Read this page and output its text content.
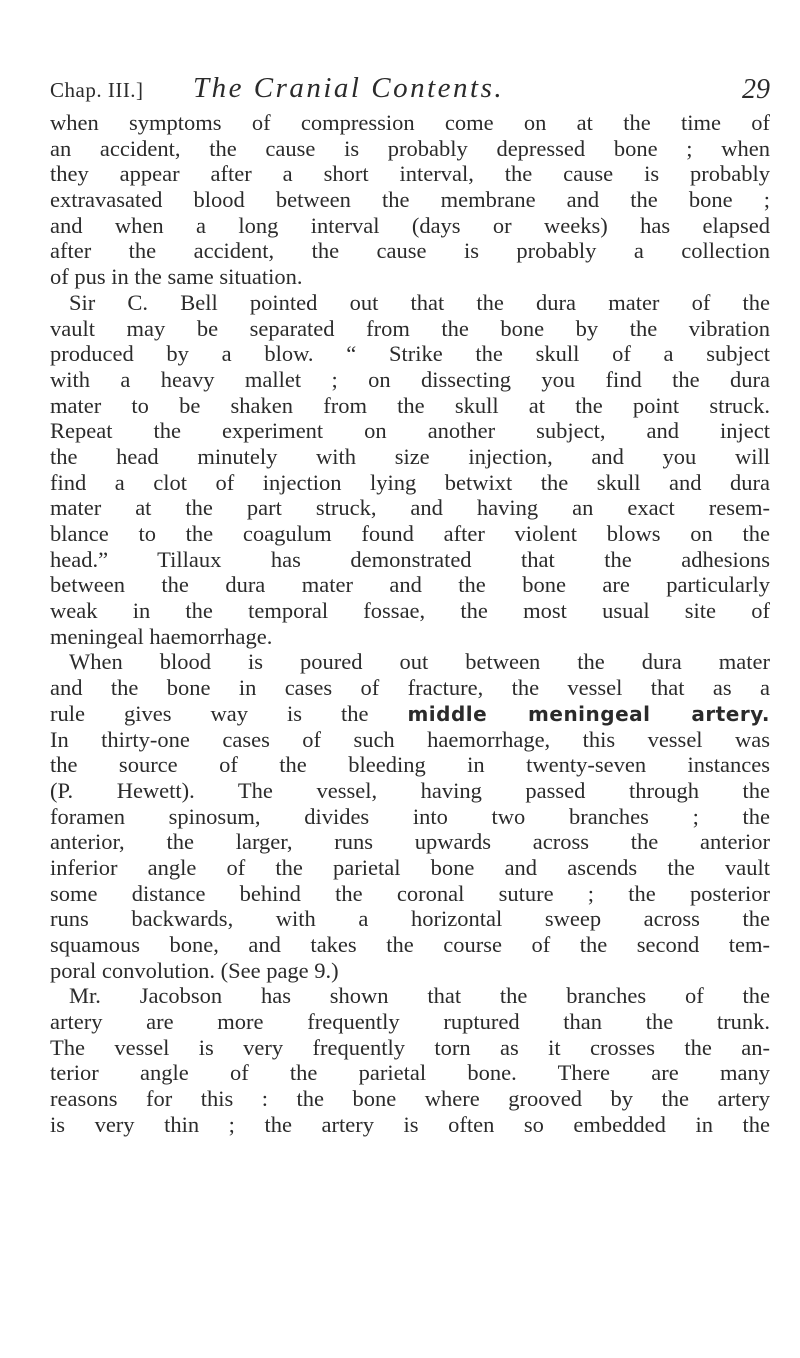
Chap. III.] The Cranial Contents.	29
when symptoms of compression come on at the time of
an accident, the cause is probably depressed bone ; when
they appear after a short interval, the cause is probably
extravasated blood between the membrane and the bone ;
and when a long interval (days or weeks) has elapsed
after the accident, the cause is probably a collection
of pus in the same situation.
Sir C. Bell pointed out that the dura mater of the
vault may be separated from the bone by the vibration
produced by a blow. “ Strike the skull of a subject
with a heavy mallet ; on dissecting you find the dura
mater to be shaken from the skull at the point struck.
Repeat the experiment on another subject, and inject
the head minutely with size injection, and you will
find a clot of injection lying betwixt the skull and dura
mater at the part struck, and having an exact resem-
blance to the coagulum found after violent blows on the
head.” Tillaux has demonstrated that the adhesions
between the dura mater and the bone are particularly
weak in the temporal fossae, the most usual site of
meningeal haemorrhage.
When blood is poured out between the dura mater
and the bone in cases of fracture, the vessel that as a
rule gives way is the middle meningeal artery.
In thirty-one cases of such haemorrhage, this vessel was
the source of the bleeding in twenty-seven instances
(P. Hewett). The vessel, having passed through the
foramen spinosum, divides into two branches ; the
anterior, the larger, runs upwards across the anterior
inferior angle of the parietal bone and ascends the vault
some distance behind the coronal suture ; the posterior
runs backwards, with a horizontal sweep across the
squamous bone, and takes the course of the second tem-
poral convolution. (See page 9.)
Mr. Jacobson has shown that the branches of the
artery are more frequently ruptured than the trunk.
The vessel is very frequently torn as it crosses the an-
terior angle of the parietal bone. There are many
reasons for this : the bone where grooved by the artery
is very thin ; the artery is often so embedded in the
